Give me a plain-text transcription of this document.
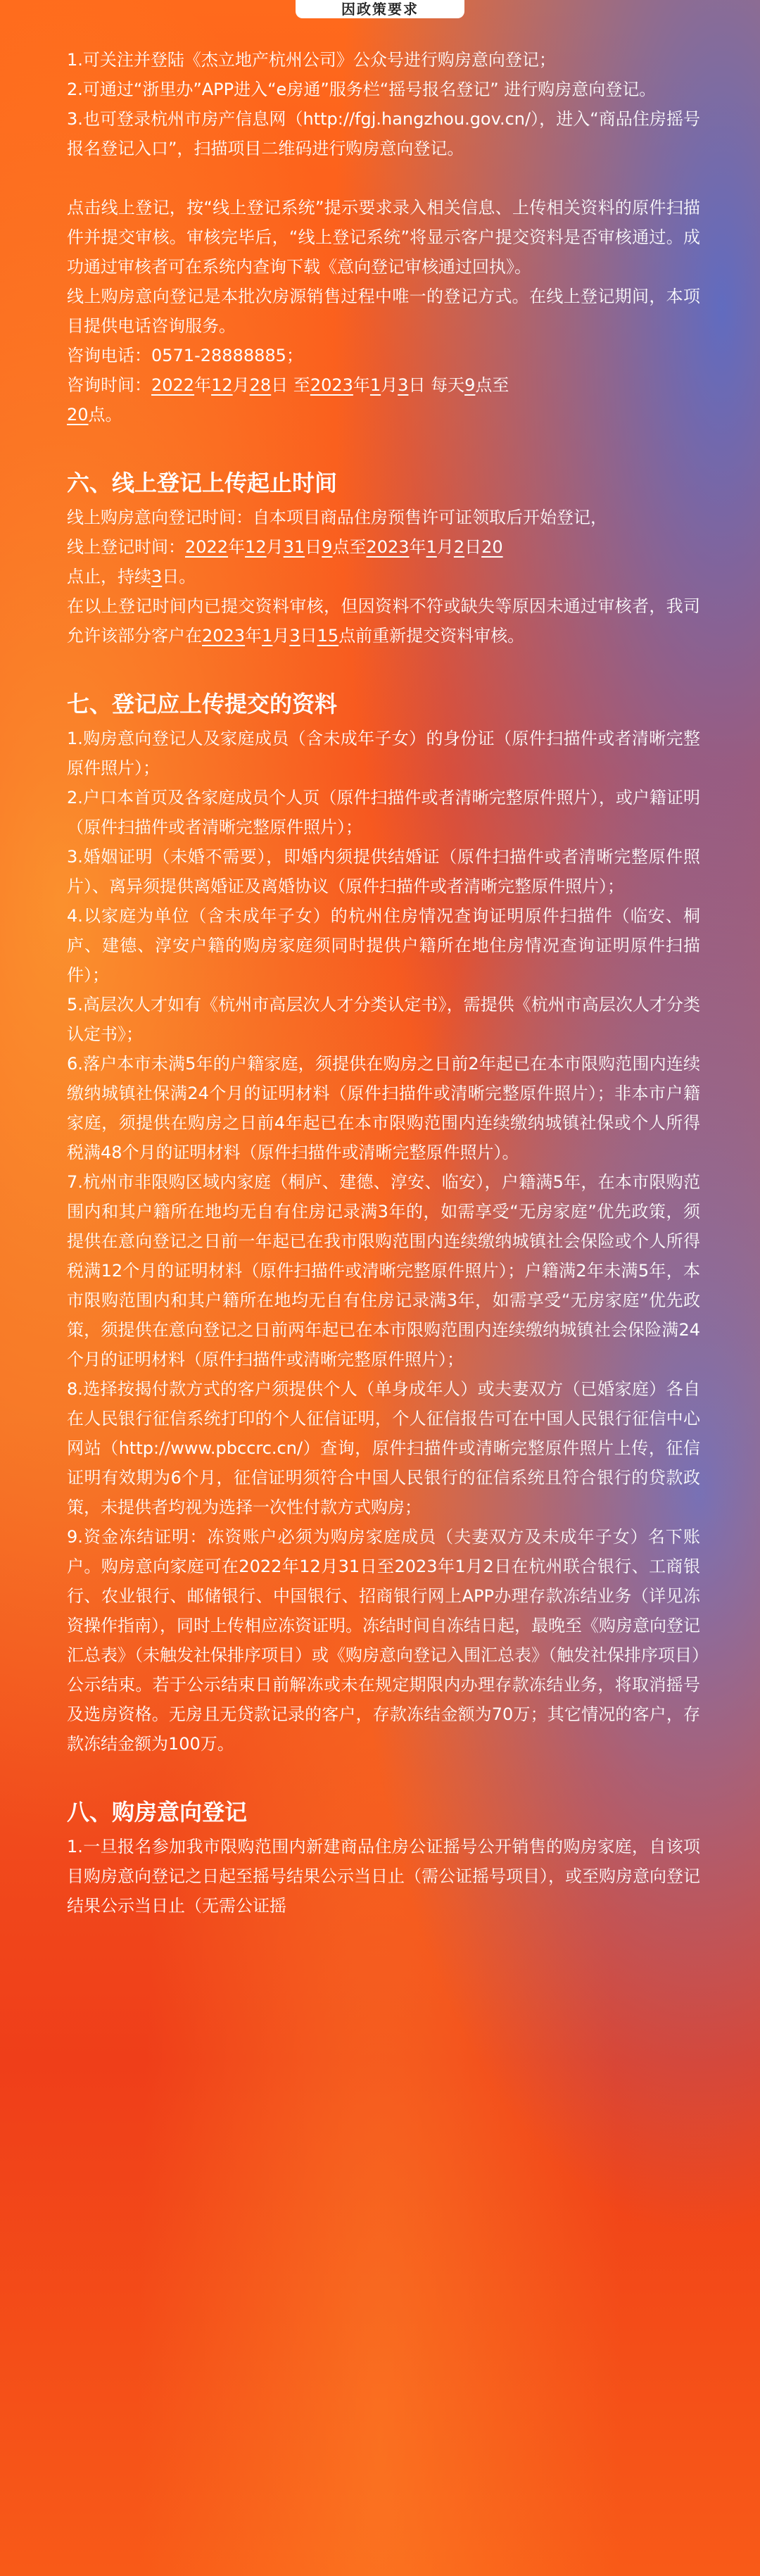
因政策要求

1.可关注并登陆《杰立地产杭州公司》公众号进行购房意向登记；

2.可通过“浙里办”APP进入“e房通”服务栏“摇号报名登记” 进行购房意向登记。

3.也可登录杭州市房产信息网（http://fgj.hangzhou.gov.cn/），进入“商品住房摇号报名登记入口”，扫描项目二维码进行购房意向登记。

点击线上登记，按“线上登记系统”提示要求录入相关信息、上传相关资料的原件扫描件并提交审核。审核完毕后，“线上登记系统”将显示客户提交资料是否审核通过。成功通过审核者可在系统内查询下载《意向登记审核通过回执》。

线上购房意向登记是本批次房源销售过程中唯一的登记方式。在线上登记期间，本项目提供电话咨询服务。

咨询电话：0571-28888885；

咨询时间：2022年12月28日 至2023年1月3日 每天9点至
20点。

六、线上登记上传起止时间

线上购房意向登记时间：自本项目商品住房预售许可证领取后开始登记，

线上登记时间：2022年12月31日9点至2023年1月2日20
点止，持续3日。

在以上登记时间内已提交资料审核，但因资料不符或缺失等原因未通过审核者，我司允许该部分客户在2023年1月3日15点前重新提交资料审核。

七、登记应上传提交的资料

1.购房意向登记人及家庭成员（含未成年子女）的身份证（原件扫描件或者清晰完整原件照片）；

2.户口本首页及各家庭成员个人页（原件扫描件或者清晰完整原件照片），或户籍证明（原件扫描件或者清晰完整原件照片）；

3.婚姻证明（未婚不需要），即婚内须提供结婚证（原件扫描件或者清晰完整原件照片）、离异须提供离婚证及离婚协议（原件扫描件或者清晰完整原件照片）；

4.以家庭为单位（含未成年子女）的杭州住房情况查询证明原件扫描件（临安、桐庐、建德、淳安户籍的购房家庭须同时提供户籍所在地住房情况查询证明原件扫描件）；

5.高层次人才如有《杭州市高层次人才分类认定书》，需提供《杭州市高层次人才分类认定书》；

6.落户本市未满5年的户籍家庭，须提供在购房之日前2年起已在本市限购范围内连续缴纳城镇社保满24个月的证明材料（原件扫描件或清晰完整原件照片）；非本市户籍家庭，须提供在购房之日前4年起已在本市限购范围内连续缴纳城镇社保或个人所得税满48个月的证明材料（原件扫描件或清晰完整原件照片）。

7.杭州市非限购区域内家庭（桐庐、建德、淳安、临安），户籍满5年，在本市限购范围内和其户籍所在地均无自有住房记录满3年的，如需享受“无房家庭”优先政策，须提供在意向登记之日前一年起已在我市限购范围内连续缴纳城镇社会保险或个人所得税满12个月的证明材料（原件扫描件或清晰完整原件照片）；户籍满2年未满5年，本市限购范围内和其户籍所在地均无自有住房记录满3年，如需享受“无房家庭”优先政策，须提供在意向登记之日前两年起已在本市限购范围内连续缴纳城镇社会保险满24个月的证明材料（原件扫描件或清晰完整原件照片）；

8.选择按揭付款方式的客户须提供个人（单身成年人）或夫妻双方（已婚家庭）各自在人民银行征信系统打印的个人征信证明，个人征信报告可在中国人民银行征信中心网站（http://www.pbccrc.cn/）查询，原件扫描件或清晰完整原件照片上传，征信证明有效期为6个月，征信证明须符合中国人民银行的征信系统且符合银行的贷款政策，未提供者均视为选择一次性付款方式购房；

9.资金冻结证明：冻资账户必须为购房家庭成员（夫妻双方及未成年子女）名下账户。购房意向家庭可在2022年12月31日至2023年1月2日在杭州联合银行、工商银行、农业银行、邮储银行、中国银行、招商银行网上APP办理存款冻结业务（详见冻资操作指南），同时上传相应冻资证明。冻结时间自冻结日起，最晚至《购房意向登记汇总表》（未触发社保排序项目）或《购房意向登记入围汇总表》（触发社保排序项目）公示结束。若于公示结束日前解冻或未在规定期限内办理存款冻结业务，将取消摇号及选房资格。无房且无贷款记录的客户，存款冻结金额为70万；其它情况的客户，存款冻结金额为100万。

八、购房意向登记

1.一旦报名参加我市限购范围内新建商品住房公证摇号公开销售的购房家庭，自该项目购房意向登记之日起至摇号结果公示当日止（需公证摇号项目），或至购房意向登记结果公示当日止（无需公证摇
